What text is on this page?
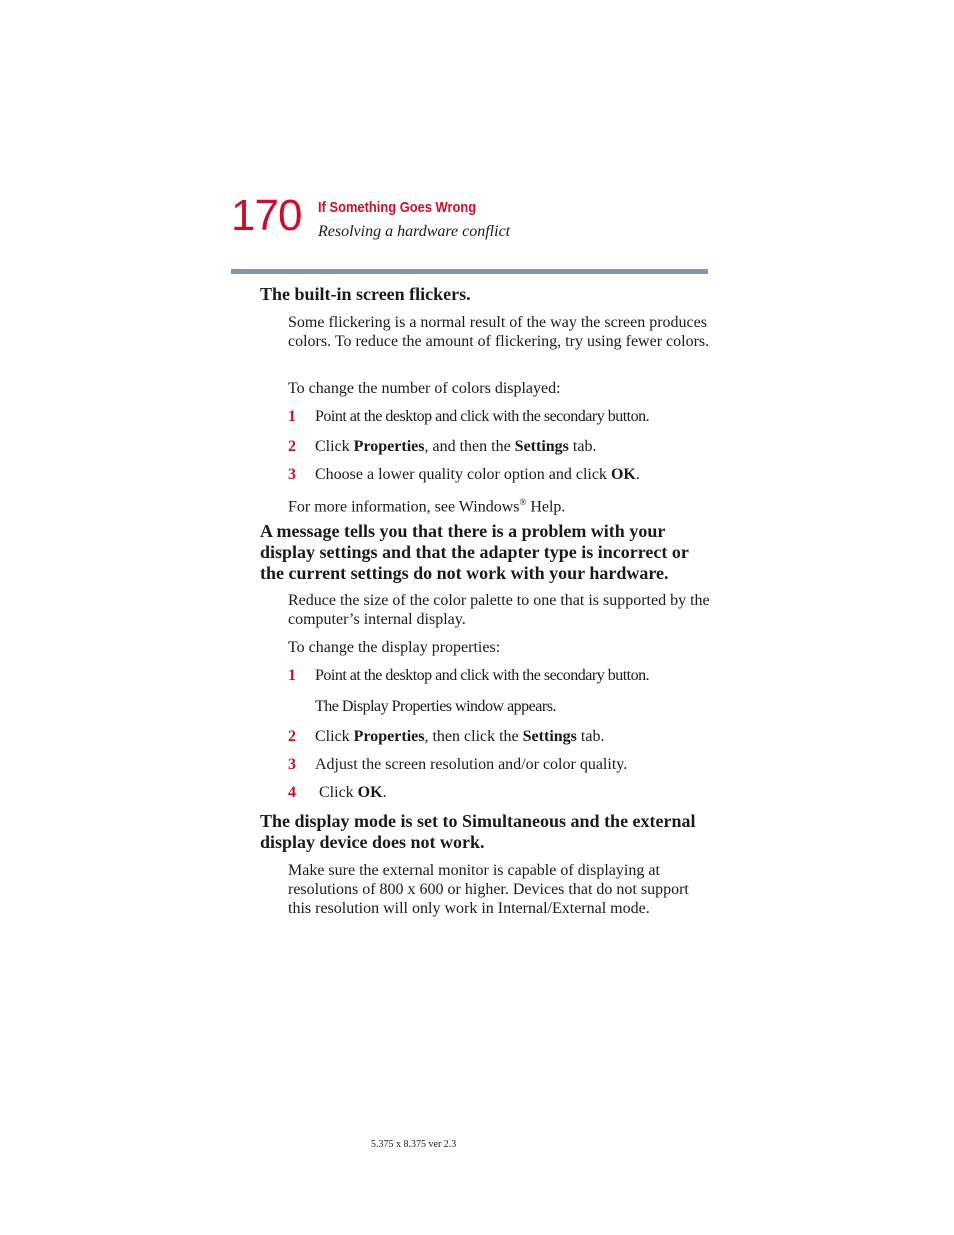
170 If Something Goes Wrong
Resolving a hardware conflict
The built-in screen flickers.
Some flickering is a normal result of the way the screen produces colors. To reduce the amount of flickering, try using fewer colors.
To change the number of colors displayed:
1 Point at the desktop and click with the secondary button.
2 Click Properties, and then the Settings tab.
3 Choose a lower quality color option and click OK.
For more information, see Windows® Help.
A message tells you that there is a problem with your display settings and that the adapter type is incorrect or the current settings do not work with your hardware.
Reduce the size of the color palette to one that is supported by the computer’s internal display.
To change the display properties:
1 Point at the desktop and click with the secondary button.
The Display Properties window appears.
2 Click Properties, then click the Settings tab.
3 Adjust the screen resolution and/or color quality.
4 Click OK.
The display mode is set to Simultaneous and the external display device does not work.
Make sure the external monitor is capable of displaying at resolutions of 800 x 600 or higher. Devices that do not support this resolution will only work in Internal/External mode.
5.375 x 8.375 ver 2.3
